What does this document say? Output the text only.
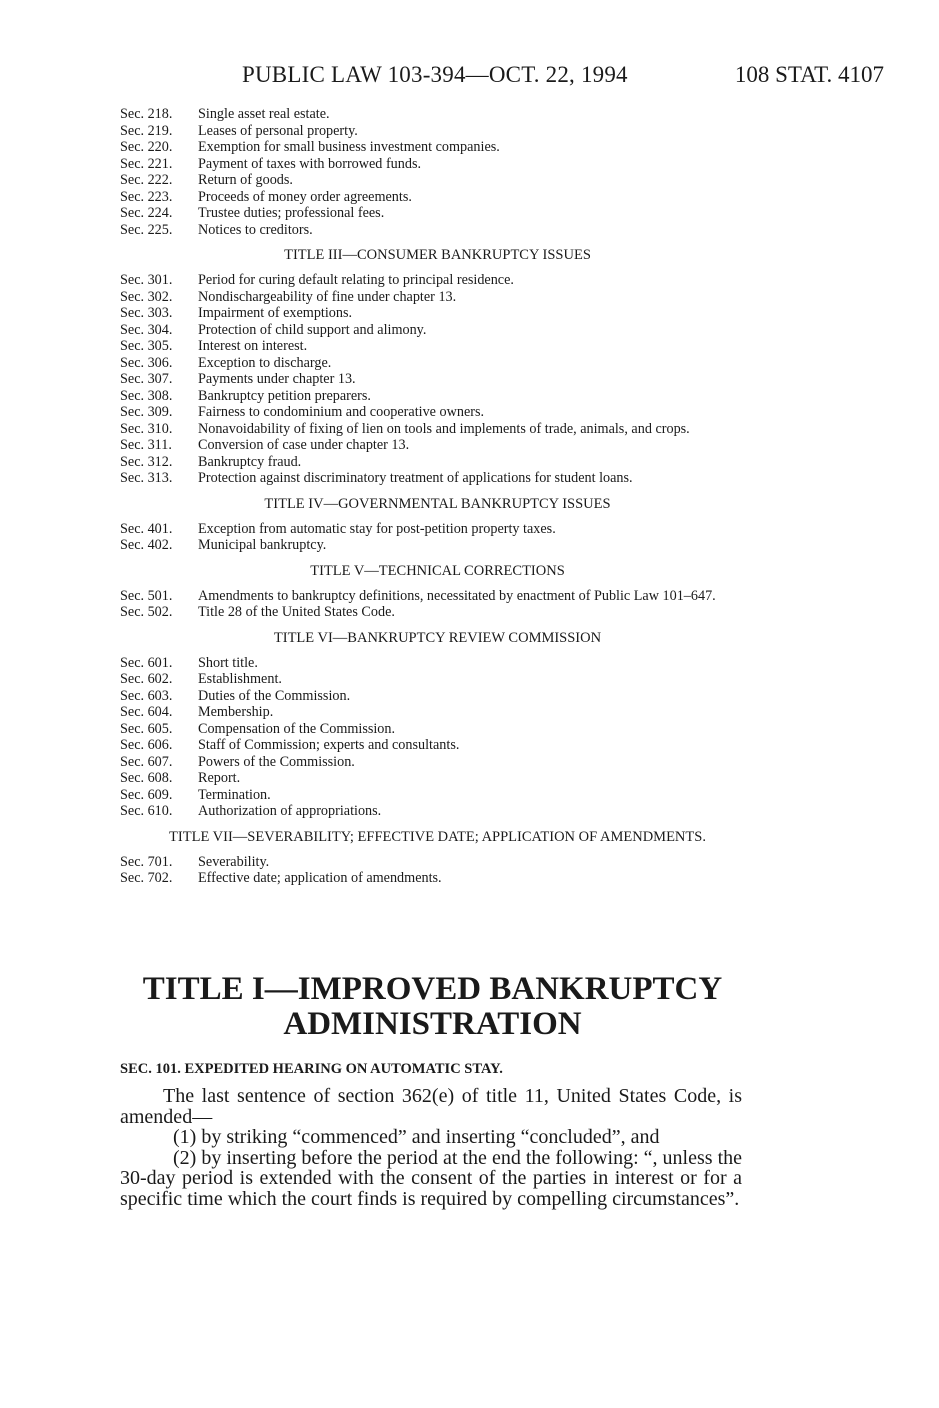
PUBLIC LAW 103-394—OCT. 22, 1994	108 STAT. 4107
Sec. 218.	Single asset real estate.
Sec. 219.	Leases of personal property.
Sec. 220.	Exemption for small business investment companies.
Sec. 221.	Payment of taxes with borrowed funds.
Sec. 222.	Return of goods.
Sec. 223.	Proceeds of money order agreements.
Sec. 224.	Trustee duties; professional fees.
Sec. 225.	Notices to creditors.
TITLE III—CONSUMER BANKRUPTCY ISSUES
Sec. 301.	Period for curing default relating to principal residence.
Sec. 302.	Nondischargeability of fine under chapter 13.
Sec. 303.	Impairment of exemptions.
Sec. 304.	Protection of child support and alimony.
Sec. 305.	Interest on interest.
Sec. 306.	Exception to discharge.
Sec. 307.	Payments under chapter 13.
Sec. 308.	Bankruptcy petition preparers.
Sec. 309.	Fairness to condominium and cooperative owners.
Sec. 310.	Nonavoidability of fixing of lien on tools and implements of trade, animals, and crops.
Sec. 311.	Conversion of case under chapter 13.
Sec. 312.	Bankruptcy fraud.
Sec. 313.	Protection against discriminatory treatment of applications for student loans.
TITLE IV—GOVERNMENTAL BANKRUPTCY ISSUES
Sec. 401.	Exception from automatic stay for post-petition property taxes.
Sec. 402.	Municipal bankruptcy.
TITLE V—TECHNICAL CORRECTIONS
Sec. 501.	Amendments to bankruptcy definitions, necessitated by enactment of Public Law 101–647.
Sec. 502.	Title 28 of the United States Code.
TITLE VI—BANKRUPTCY REVIEW COMMISSION
Sec. 601.	Short title.
Sec. 602.	Establishment.
Sec. 603.	Duties of the Commission.
Sec. 604.	Membership.
Sec. 605.	Compensation of the Commission.
Sec. 606.	Staff of Commission; experts and consultants.
Sec. 607.	Powers of the Commission.
Sec. 608.	Report.
Sec. 609.	Termination.
Sec. 610.	Authorization of appropriations.
TITLE VII—SEVERABILITY; EFFECTIVE DATE; APPLICATION OF AMENDMENTS.
Sec. 701.	Severability.
Sec. 702.	Effective date; application of amendments.
TITLE I—IMPROVED BANKRUPTCY
ADMINISTRATION
SEC. 101. EXPEDITED HEARING ON AUTOMATIC STAY.

The last sentence of section 362(e) of title 11, United States Code, is amended—

(1) by striking “commenced” and inserting “concluded”, and

(2) by inserting before the period at the end the following: “, unless the 30-day period is extended with the consent of the parties in interest or for a specific time which the court finds is required by compelling circumstances”.
